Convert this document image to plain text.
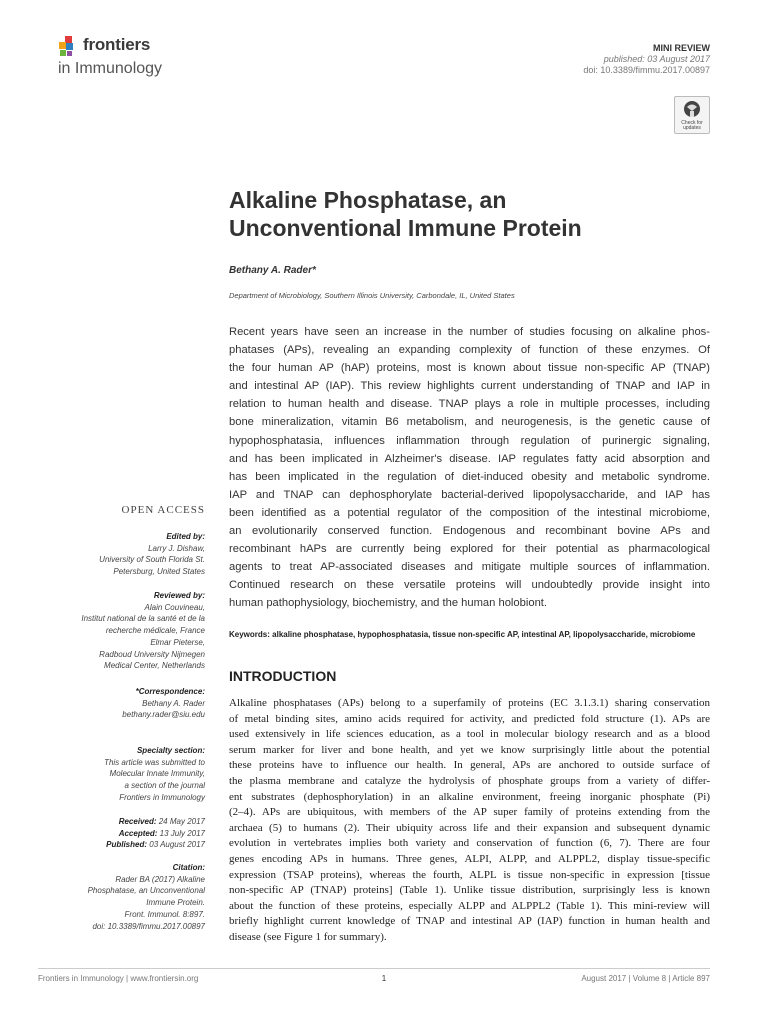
frontiers
in Immunology
MINI REVIEW
published: 03 August 2017
doi: 10.3389/fimmu.2017.00897
Check for updates
Alkaline Phosphatase, an
Unconventional Immune Protein
Bethany A. Rader*
Department of Microbiology, Southern Illinois University, Carbondale, IL, United States
Recent years have seen an increase in the number of studies focusing on alkaline phos-
phatases (APs), revealing an expanding complexity of function of these enzymes. Of
the four human AP (hAP) proteins, most is known about tissue non-specific AP (TNAP)
and intestinal AP (IAP). This review highlights current understanding of TNAP and IAP in
relation to human health and disease. TNAP plays a role in multiple processes, including
bone mineralization, vitamin B6 metabolism, and neurogenesis, is the genetic cause of
hypophosphatasia, influences inflammation through regulation of purinergic signaling,
and has been implicated in Alzheimer's disease. IAP regulates fatty acid absorption and
has been implicated in the regulation of diet-induced obesity and metabolic syndrome.
IAP and TNAP can dephosphorylate bacterial-derived lipopolysaccharide, and IAP has
been identified as a potential regulator of the composition of the intestinal microbiome,
an evolutionarily conserved function. Endogenous and recombinant bovine APs and
recombinant hAPs are currently being explored for their potential as pharmacological
agents to treat AP-associated diseases and mitigate multiple sources of inflammation.
Continued research on these versatile proteins will undoubtedly provide insight into
human pathophysiology, biochemistry, and the human holobiont.
Keywords: alkaline phosphatase, hypophosphatasia, tissue non-specific AP, intestinal AP, lipopolysaccharide, microbiome
INTRODUCTION
Alkaline phosphatases (APs) belong to a superfamily of proteins (EC 3.1.3.1) sharing conservation
of metal binding sites, amino acids required for activity, and predicted fold structure (1). APs are
used extensively in life sciences education, as a tool in molecular biology research and as a blood
serum marker for liver and bone health, and yet we know surprisingly little about the potential
these proteins have to influence our health. In general, APs are anchored to outside surface of
the plasma membrane and catalyze the hydrolysis of phosphate groups from a variety of differ-
ent substrates (dephosphorylation) in an alkaline environment, freeing inorganic phosphate (Pi)
(2–4). APs are ubiquitous, with members of the AP super family of proteins extending from the
archaea (5) to humans (2). Their ubiquity across life and their expansion and subsequent dynamic
evolution in vertebrates implies both variety and conservation of function (6, 7). There are four
genes encoding APs in humans. Three genes, ALPI, ALPP, and ALPPL2, display tissue-specific
expression (TSAP proteins), whereas the fourth, ALPL is tissue non-specific in expression [tissue
non-specific AP (TNAP) proteins] (Table 1). Unlike tissue distribution, surprisingly less is known
about the function of these proteins, especially ALPP and ALPPL2 (Table 1). This mini-review will
briefly highlight current knowledge of TNAP and intestinal AP (IAP) function in human health and
disease (see Figure 1 for summary).
OPEN ACCESS
Edited by:
Larry J. Dishaw,
University of South Florida St.
Petersburg, United States
Reviewed by:
Alain Couvineau,
Institut national de la santé et de la
recherche médicale, France
Elmar Pieterse,
Radboud University Nijmegen
Medical Center, Netherlands
*Correspondence:
Bethany A. Rader
bethany.rader@siu.edu
Specialty section:
This article was submitted to
Molecular Innate Immunity,
a section of the journal
Frontiers in Immunology
Received: 24 May 2017
Accepted: 13 July 2017
Published: 03 August 2017
Citation:
Rader BA (2017) Alkaline
Phosphatase, an Unconventional
Immune Protein.
Front. Immunol. 8:897.
doi: 10.3389/fimmu.2017.00897
Frontiers in Immunology | www.frontiersin.org	1	August 2017 | Volume 8 | Article 897
